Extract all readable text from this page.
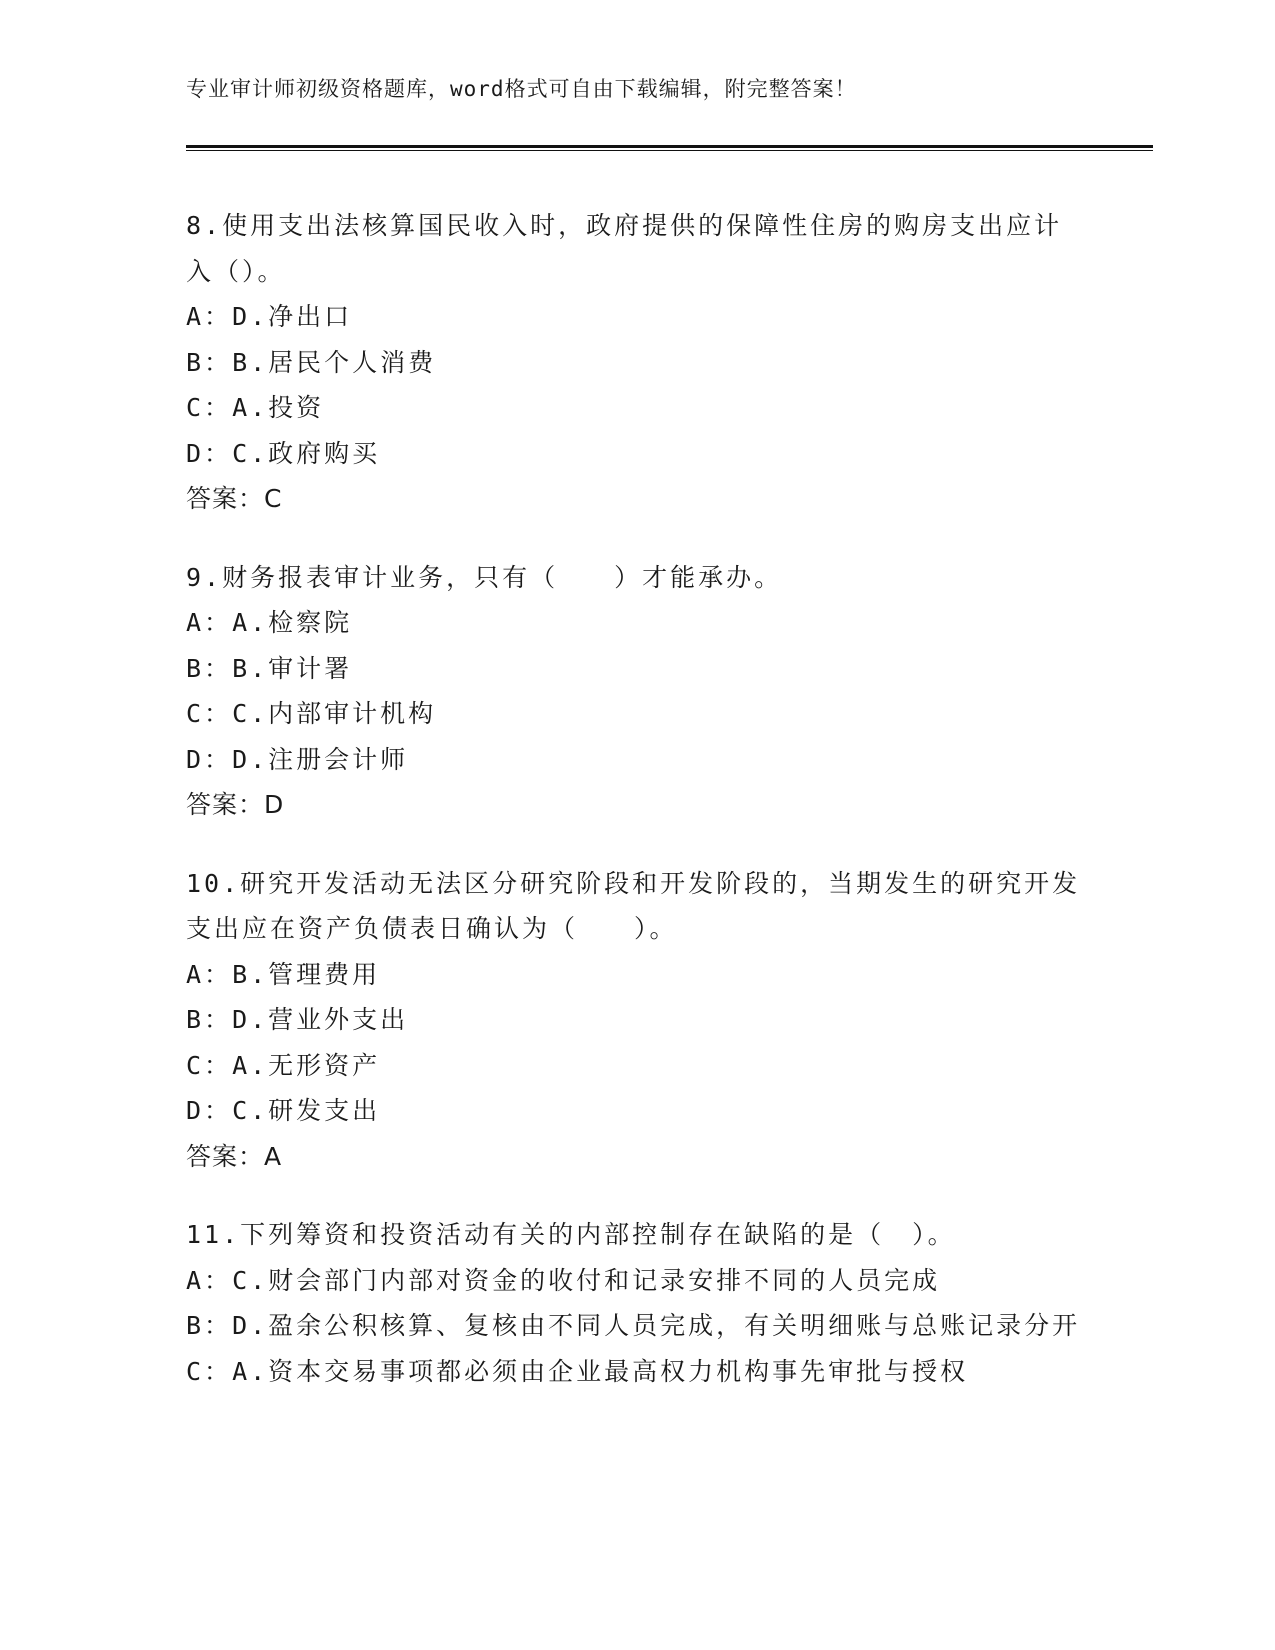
专业审计师初级资格题库，word格式可自由下载编辑，附完整答案！
8.使用支出法核算国民收入时，政府提供的保障性住房的购房支出应计入（）。
A：D.净出口
B：B.居民个人消费
C：A.投资
D：C.政府购买
答案：C
9.财务报表审计业务，只有（　　）才能承办。
A：A.检察院
B：B.审计署
C：C.内部审计机构
D：D.注册会计师
答案：D
10.研究开发活动无法区分研究阶段和开发阶段的，当期发生的研究开发支出应在资产负债表日确认为（　　）。
A：B.管理费用
B：D.营业外支出
C：A.无形资产
D：C.研发支出
答案：A
11.下列筹资和投资活动有关的内部控制存在缺陷的是（　）。
A：C.财会部门内部对资金的收付和记录安排不同的人员完成
B：D.盈余公积核算、复核由不同人员完成，有关明细账与总账记录分开
C：A.资本交易事项都必须由企业最高权力机构事先审批与授权
